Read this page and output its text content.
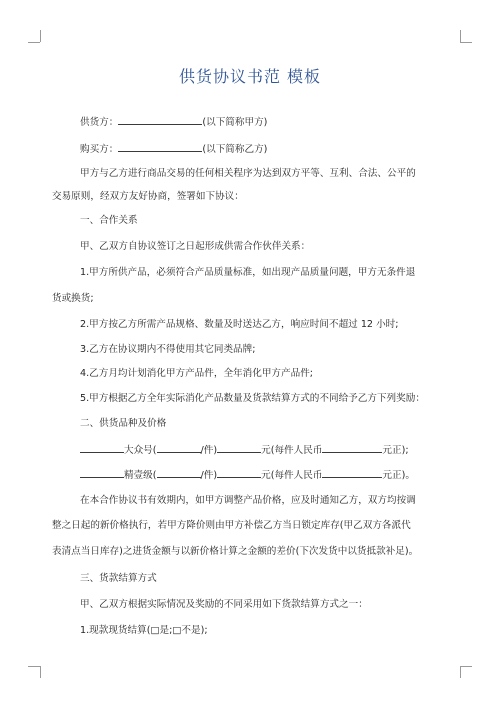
供货协议书范 模板
供货方：	(以下简称甲方)
购买方：	(以下简称乙方)
甲方与乙方进行商品交易的任何相关程序为达到双方平等、互利、合法、公平的
交易原则，经双方友好协商，签署如下协议：
一、合作关系
甲、乙双方自协议签订之日起形成供需合作伙伴关系：
1.甲方所供产品，必须符合产品质量标准，如出现产品质量问题，甲方无条件退
货或换货;
2.甲方按乙方所需产品规格、数量及时送达乙方，响应时间不超过 12 小时;
3.乙方在协议期内不得使用其它同类品牌;
4.乙方月均计划消化甲方产品件，全年消化甲方产品件;
5.甲方根据乙方全年实际消化产品数量及货款结算方式的不同给予乙方下列奖励：
二、供货品种及价格
大众号(	/件)	元(每件人民币	元正);
精壹级(	/件)	元(每件人民币	元正)。
在本合作协议书有效期内，如甲方调整产品价格，应及时通知乙方，双方均按调
整之日起的新价格执行，若甲方降价则由甲方补偿乙方当日锁定库存(甲乙双方各派代
表清点当日库存)之进货金额与以新价格计算之金额的差价(下次发货中以货抵款补足)。
三、货款结算方式
甲、乙双方根据实际情况及奖励的不同采用如下货款结算方式之一：
1.现款现货结算(□是;□不是);
